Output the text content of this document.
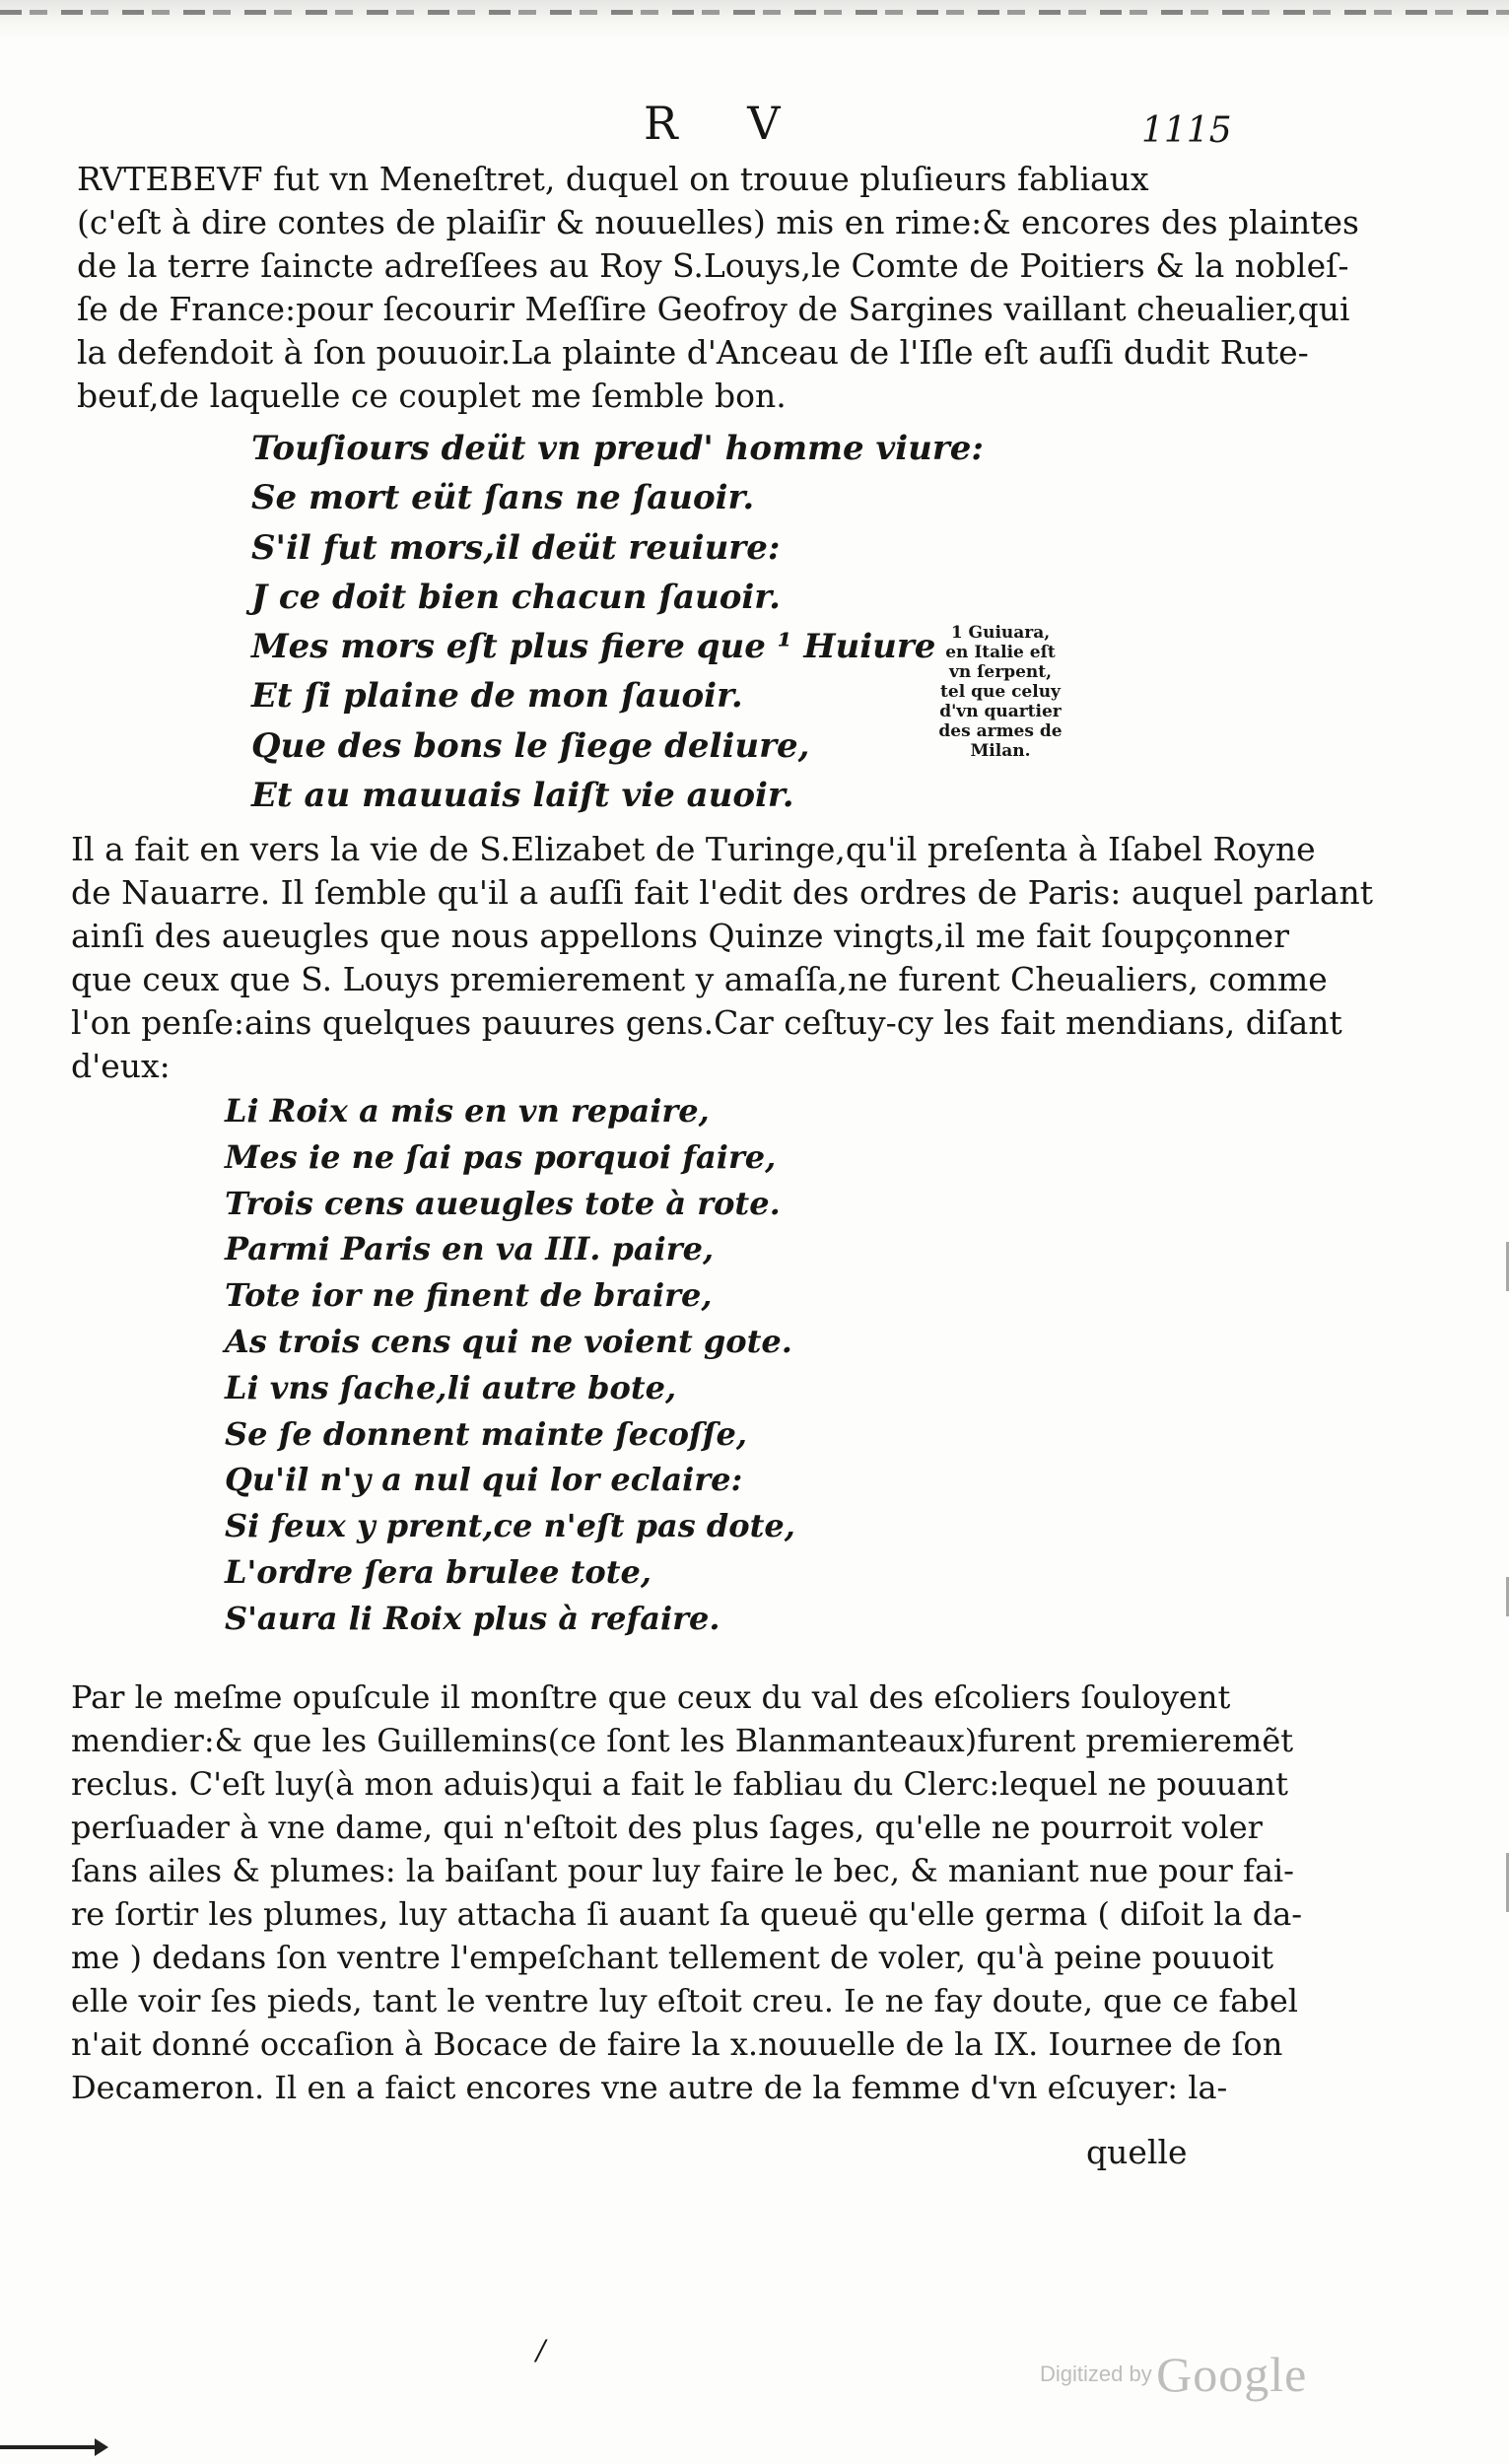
R V	1115
RVTEBEVF fut vn Meneſtret, duquel on trouue pluſieurs fabliaux
(c'eſt à dire contes de plaiſir & nouuelles) mis en rime:& encores des plaintes
de la terre ſaincte adreſſees au Roy S.Louys,le Comte de Poitiers & la nobleſ-
ſe de France:pour ſecourir Meſſire Geofroy de Sargines vaillant cheualier,qui
la defendoit à ſon pouuoir.La plainte d'Anceau de l'Iſle eſt auſſi dudit Rute-
beuf,de laquelle ce couplet me ſemble bon.
Touſiours deüt vn preud' homme viure:
Se mort eüt ſans ne ſauoir.
S'il fut mors,il deüt reuiure:
J ce doit bien chacun ſauoir.
Mes mors eſt plus fiere que ¹ Huiure
Et ſi plaine de mon ſauoir.
Que des bons le ſiege deliure,
Et au mauuais laiſt vie auoir.
1 Guiuara,
en Italie eſt
vn ſerpent,
tel que celuy
d'vn quartier
des armes de
Milan.
Il a fait en vers la vie de S.Elizabet de Turinge,qu'il preſenta à Iſabel Royne
de Nauarre. Il ſemble qu'il a auſſi fait l'edit des ordres de Paris: auquel parlant
ainſi des aueugles que nous appellons Quinze vingts,il me fait ſoupçonner
que ceux que S. Louys premierement y amaſſa,ne furent Cheualiers, comme
l'on penſe:ains quelques pauures gens.Car ceſtuy-cy les fait mendians, diſant
d'eux:
Li Roix a mis en vn repaire,
Mes ie ne ſai pas porquoi faire,
Trois cens aueugles tote à rote.
Parmi Paris en va III. paire,
Tote ior ne finent de braire,
As trois cens qui ne voient gote.
Li vns ſache,li autre bote,
Se ſe donnent mainte ſecoſſe,
Qu'il n'y a nul qui lor eclaire:
Si feux y prent,ce n'eſt pas dote,
L'ordre ſera brulee tote,
S'aura li Roix plus à refaire.
Par le meſme opuſcule il monſtre que ceux du val des eſcoliers ſouloyent
mendier:& que les Guillemins(ce ſont les Blanmanteaux)furent premieremẽt
reclus. C'eſt luy(à mon aduis)qui a fait le fabliau du Clerc:lequel ne pouuant
perſuader à vne dame, qui n'eſtoit des plus ſages, qu'elle ne pourroit voler
ſans ailes & plumes: la baiſant pour luy faire le bec, & maniant nue pour fai-
re ſortir les plumes, luy attacha ſi auant ſa queuë qu'elle germa ( diſoit la da-
me ) dedans ſon ventre l'empeſchant tellement de voler, qu'à peine pouuoit
elle voir ſes pieds, tant le ventre luy eſtoit creu. Ie ne fay doute, que ce fabel
n'ait donné occaſion à Bocace de faire la x.nouuelle de la IX. Iournee de ſon
Decameron. Il en a faict encores vne autre de la femme d'vn eſcuyer: la-
quelle
/
Digitized by Google
